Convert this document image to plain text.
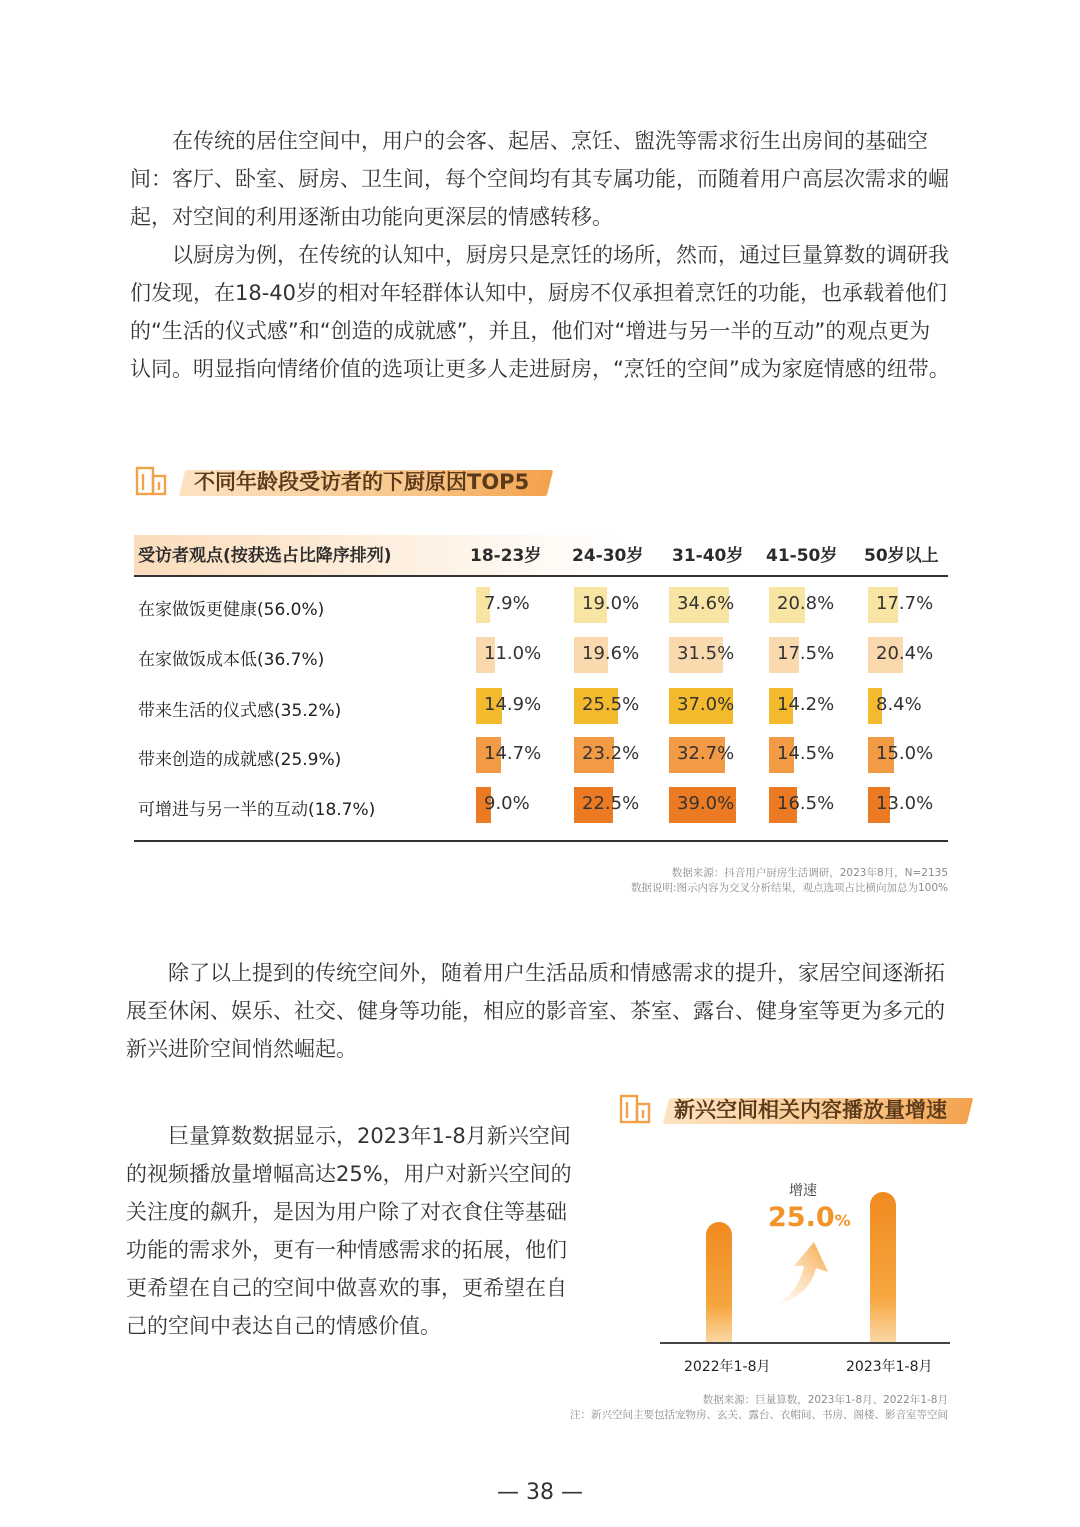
在传统的居住空间中，用户的会客、起居、烹饪、盥洗等需求衍生出房间的基础空间：客厅、卧室、厨房、卫生间，每个空间均有其专属功能，而随着用户高层次需求的崛起，对空间的利用逐渐由功能向更深层的情感转移。

以厨房为例，在传统的认知中，厨房只是烹饪的场所，然而，通过巨量算数的调研我们发现，在18-40岁的相对年轻群体认知中，厨房不仅承担着烹饪的功能，也承载着他们的“生活的仪式感”和“创造的成就感”，并且，他们对“增进与另一半的互动”的观点更为认同。明显指向情绪价值的选项让更多人走进厨房，“烹饪的空间”成为家庭情感的纽带。

不同年龄段受访者的下厨原因TOP5
受访者观点(按获选占比降序排列)	18-23岁 24-30岁 31-40岁 41-50岁 50岁以上
在家做饭更健康(56.0%)	7.9%	19.0% 34.6% 20.8% 17.7%
在家做饭成本低(36.7%)	11.0% 19.6% 31.5% 17.5% 20.4%
带来生活的仪式感(35.2%)	14.9% 25.5% 37.0% 14.2% 8.4%
带来创造的成就感(25.9%)	14.7% 23.2% 32.7% 14.5% 15.0%
可增进与另一半的互动(18.7%)	9.0%	22.5% 39.0% 16.5% 13.0%
数据来源：抖音用户厨房生活调研，2023年8月，N=2135
数据说明:图示内容为交叉分析结果，观点选项占比横向加总为100%

除了以上提到的传统空间外，随着用户生活品质和情感需求的提升，家居空间逐渐拓展至休闲、娱乐、社交、健身等功能，相应的影音室、茶室、露台、健身室等更为多元的新兴进阶空间悄然崛起。

巨量算数数据显示，2023年1-8月新兴空间的视频播放量增幅高达25%，用户对新兴空间的关注度的飙升，是因为用户除了对衣食住等基础功能的需求外，更有一种情感需求的拓展，他们更希望在自己的空间中做喜欢的事，更希望在自己的空间中表达自己的情感价值。

新兴空间相关内容播放量增速
2022年1-8月	2023年1-8月
增速
25.0%
数据来源：巨量算数，2023年1-8月、2022年1-8月
注：新兴空间主要包括宠物房、玄关、露台、衣帽间、书房、阁楼、影音室等空间
— 38 —
